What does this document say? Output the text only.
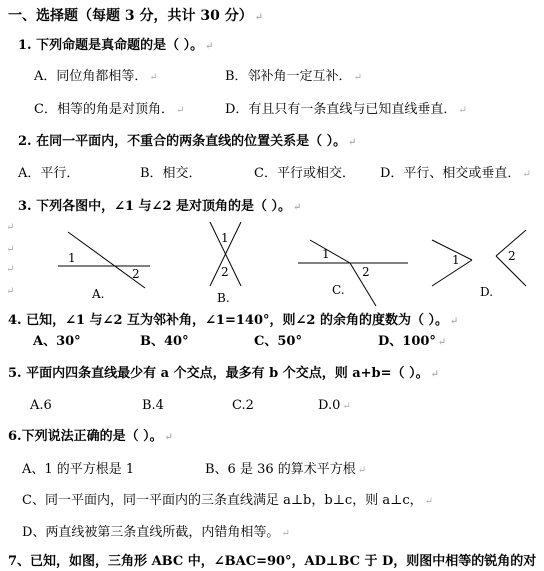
一、选择题（每题 3 分，共计 30 分） ↵
1. 下列命题是真命题的是（ ）。 ↵
A．同位角都相等． ↵	B．邻补角一定互补． ↵
C．相等的角是对顶角． ↵	D．有且只有一条直线与已知直线垂直． ↵
2. 在同一平面内，不重合的两条直线的位置关系是（ ）。 ↵
A．平行．	B．相交．	C．平行或相交． D．平行、相交或垂直． ↵
3. 下列各图中，∠1 与∠2 是对顶角的是（ ）。 ↵
↵
↵
↵
↵
1
2
A.
1
2
B.
1
2
C.
1	2
D.
4. 已知，∠1 与∠2 互为邻补角，∠1=140°，则∠2 的余角的度数为（ ）。 ↵
A、30°	B、40°	C、50°	D、100° ↵
5. 平面内四条直线最少有 a 个交点，最多有 b 个交点，则 a+b=（ ）。 ↵
A.6	B.4	C.2	D.0 ↵
6.下列说法正确的是（ ）。 ↵
A、1 的平方根是 1	B、6 是 36 的算术平方根 ↵
C、同一平面内，同一平面内的三条直线满足 a⊥b，b⊥c，则 a⊥c， ↵
D、两直线被第三条直线所截，内错角相等。 ↵
7、已知，如图，三角形 ABC 中，∠BAC=90°，AD⊥BC 于 D，则图中相等的锐角的对
